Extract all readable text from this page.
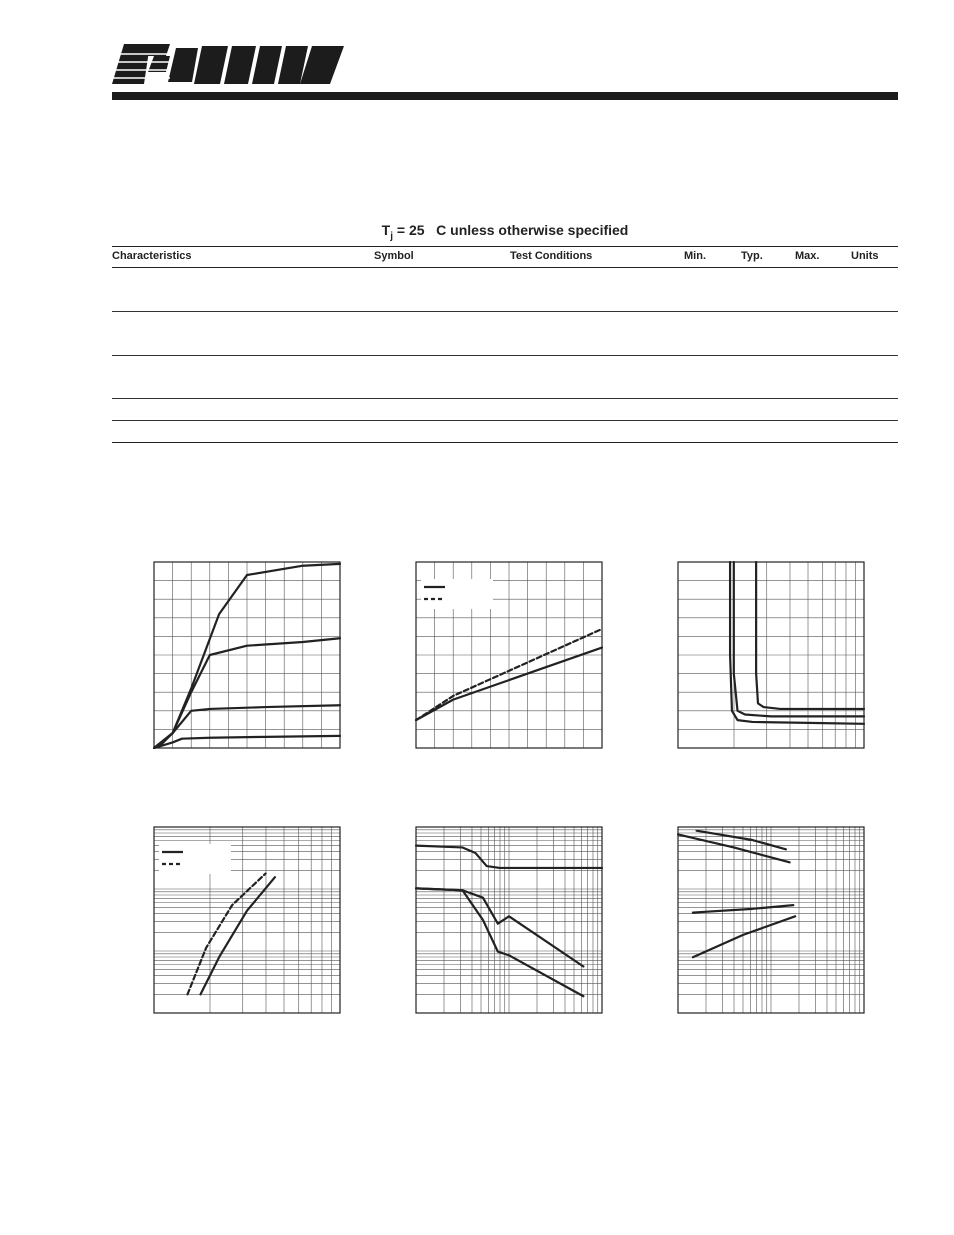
$T_j = 25$   C unless otherwise specified
Characteristics	Symbol	Test Conditions	Min.	Typ.	Max.	Units
